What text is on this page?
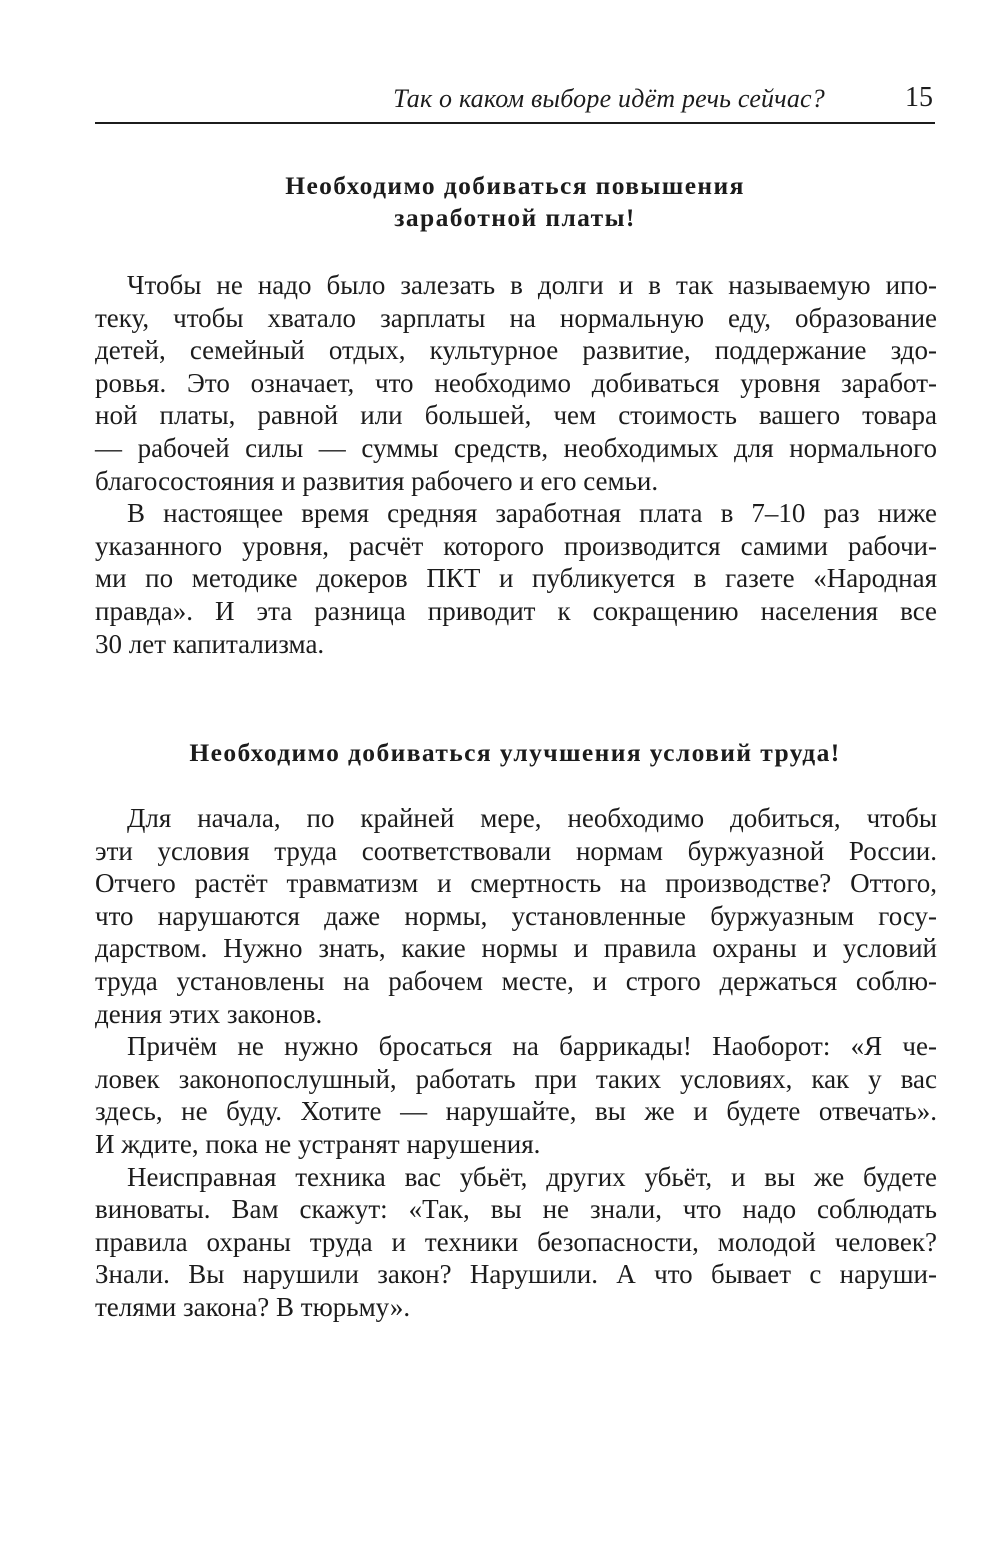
Так о каком выборе идёт речь сейчас?	15
Необходимо добиваться повышения
заработной платы!

Чтобы не надо было залезать в долги и в так называемую ипо-
теку, чтобы хватало зарплаты на нормальную еду, образование
детей, семейный отдых, культурное развитие, поддержание здо-
ровья. Это означает, что необходимо добиваться уровня заработ-
ной платы, равной или большей, чем стоимость вашего товара
— рабочей силы — суммы средств, необходимых для нормального
благосостояния и развития рабочего и его семьи.

В настоящее время средняя заработная плата в 7–10 раз ниже
указанного уровня, расчёт которого производится самими рабочи-
ми по методике докеров ПКТ и публикуется в газете «Народная
правда». И эта разница приводит к сокращению населения все
30 лет капитализма.

Необходимо добиваться улучшения условий труда!

Для начала, по крайней мере, необходимо добиться, чтобы
эти условия труда соответствовали нормам буржуазной России.
Отчего растёт травматизм и смертность на производстве? Оттого,
что нарушаются даже нормы, установленные буржуазным госу-
дарством. Нужно знать, какие нормы и правила охраны и условий
труда установлены на рабочем месте, и строго держаться соблю-
дения этих законов.

Причём не нужно бросаться на баррикады! Наоборот: «Я че-
ловек законопослушный, работать при таких условиях, как у вас
здесь, не буду. Хотите — нарушайте, вы же и будете отвечать».
И ждите, пока не устранят нарушения.

Неисправная техника вас убьёт, других убьёт, и вы же будете
виноваты. Вам скажут: «Так, вы не знали, что надо соблюдать
правила охраны труда и техники безопасности, молодой человек?
Знали. Вы нарушили закон? Нарушили. А что бывает с наруши-
телями закона? В тюрьму».
